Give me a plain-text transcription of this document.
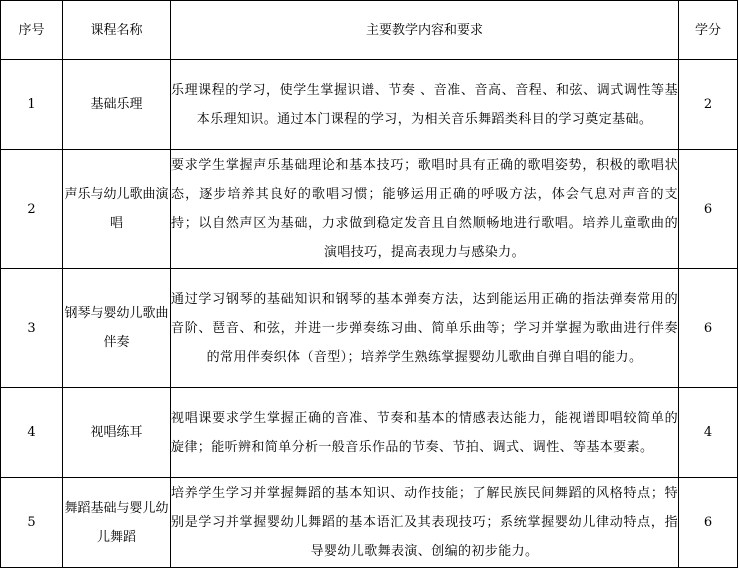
序号	课程名称	主要教学内容和要求	学分
1	基础乐理	乐理课程的学习，使学生掌握识谱、节奏 、音准、音高、音程、和弦、调式调性等基本乐理知识。通过本门课程的学习，为相关音乐舞蹈类科目的学习奠定基础。	2
2	声乐与幼儿歌曲演唱	要求学生掌握声乐基础理论和基本技巧；歌唱时具有正确的歌唱姿势，积极的歌唱状态，逐步培养其良好的歌唱习惯；能够运用正确的呼吸方法，体会气息对声音的支持；以自然声区为基础，力求做到稳定发音且自然顺畅地进行歌唱。培养儿童歌曲的演唱技巧，提高表现力与感染力。	6
3	钢琴与婴幼儿歌曲伴奏	通过学习钢琴的基础知识和钢琴的基本弹奏方法，达到能运用正确的指法弹奏常用的音阶、琶音、和弦，并进一步弹奏练习曲、简单乐曲等；学习并掌握为歌曲进行伴奏的常用伴奏织体（音型）；培养学生熟练掌握婴幼儿歌曲自弹自唱的能力。	6
4	视唱练耳	视唱课要求学生掌握正确的音准、节奏和基本的情感表达能力，能视谱即唱较简单的旋律；能听辨和简单分析一般音乐作品的节奏、节拍、调式、调性、等基本要素。	4
5	舞蹈基础与婴儿幼儿舞蹈	培养学生学习并掌握舞蹈的基本知识、动作技能；了解民族民间舞蹈的风格特点；特别是学习并掌握婴幼儿舞蹈的基本语汇及其表现技巧；系统掌握婴幼儿律动特点，指导婴幼儿歌舞表演、创编的初步能力。	6
